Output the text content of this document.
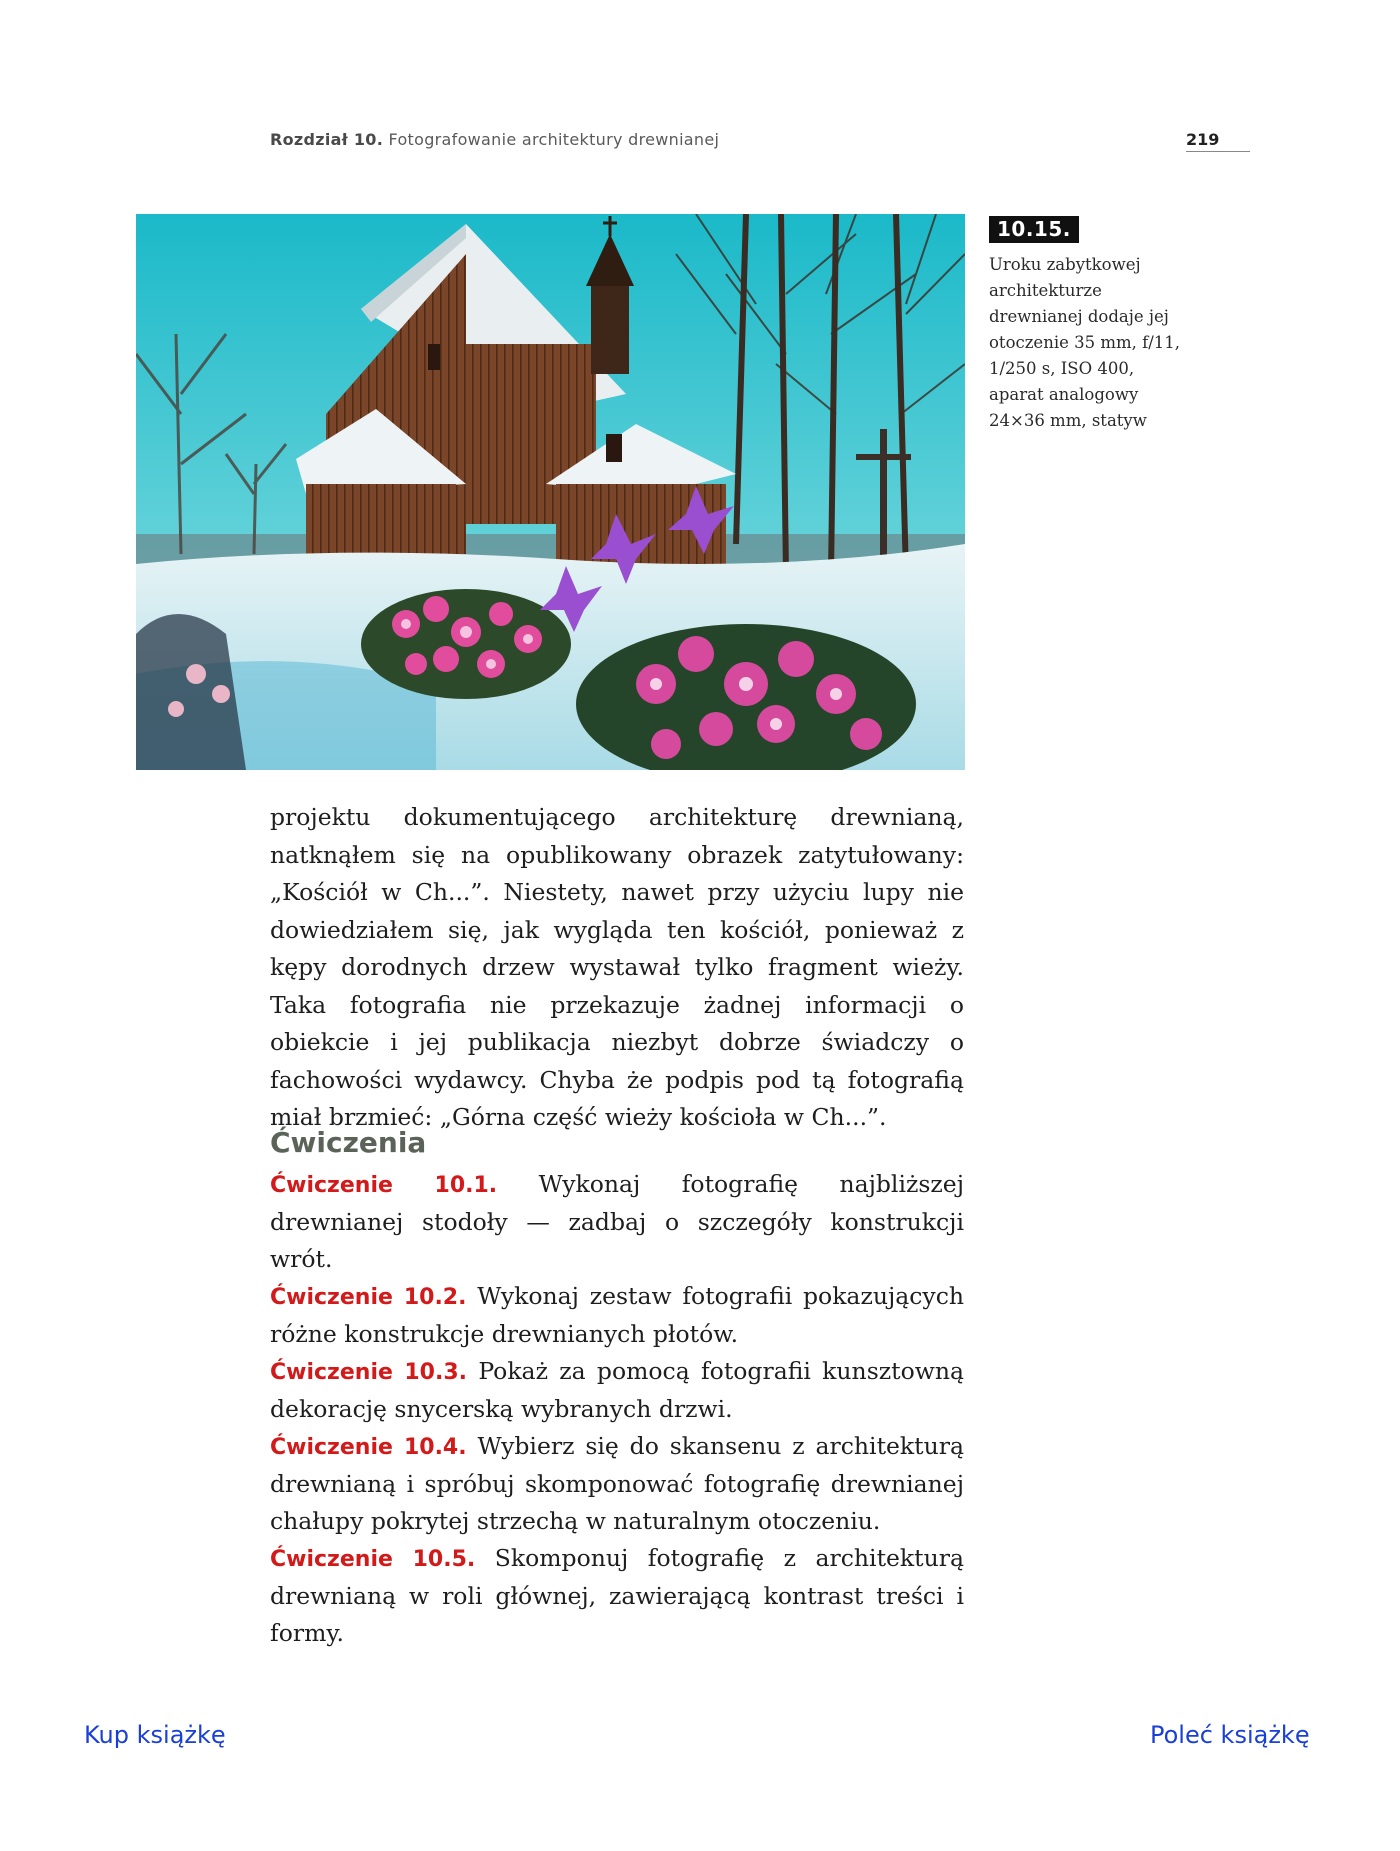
Rozdział 10. Fotografowanie architektury drewnianej	219
10.15.
Uroku zabytkowej architekturze drewnianej dodaje jej otoczenie 35 mm, f/11, 1/250 s, ISO 400, aparat analogowy 24×36 mm, statyw

projektu dokumentującego architekturę drewnianą, natknąłem się na opublikowany obrazek zatytułowany: „Kościół w Ch...”. Niestety, nawet przy użyciu lupy nie dowiedziałem się, jak wygląda ten kościół, ponieważ z kępy dorodnych drzew wystawał tylko fragment wieży. Taka fotografia nie przekazuje żadnej informacji o obiekcie i jej publikacja niezbyt dobrze świadczy o fachowości wydawcy. Chyba że podpis pod tą fotografią miał brzmieć: „Górna część wieży kościoła w Ch...”.

Ćwiczenia

Ćwiczenie 10.1. Wykonaj fotografię najbliższej drewnianej stodoły — zadbaj o szczegóły konstrukcji wrót.

Ćwiczenie 10.2. Wykonaj zestaw fotografii pokazujących różne konstrukcje drewnianych płotów.

Ćwiczenie 10.3. Pokaż za pomocą fotografii kunsztowną dekorację snycerską wybranych drzwi.

Ćwiczenie 10.4. Wybierz się do skansenu z architekturą drewnianą i spróbuj skomponować fotografię drewnianej chałupy pokrytej strzechą w naturalnym otoczeniu.

Ćwiczenie 10.5. Skomponuj fotografię z architekturą drewnianą w roli głównej, zawierającą kontrast treści i formy.

Kup książkę	Poleć książkę
